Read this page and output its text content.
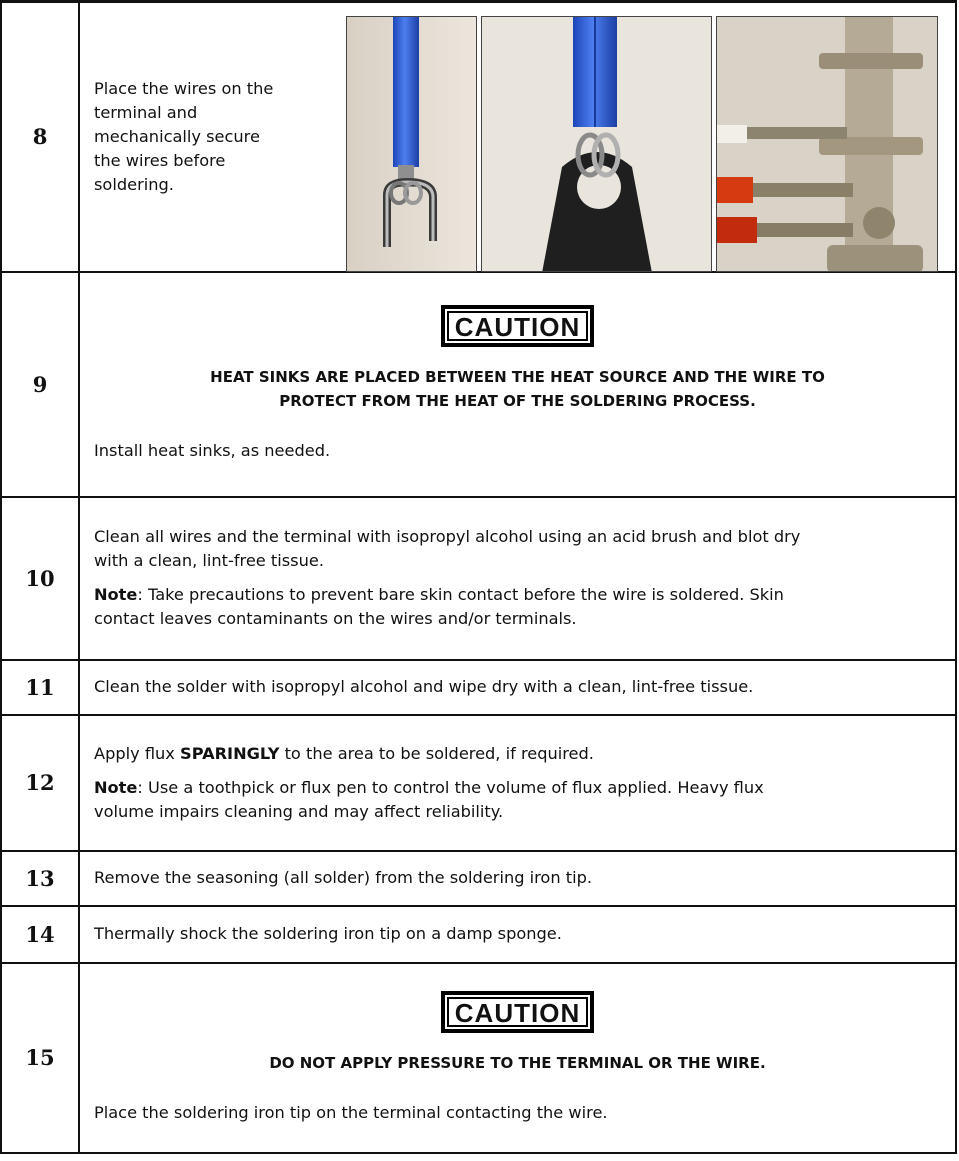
8	Place the wires on the

terminal and

mechanically secure

the wires before

soldering.

9	CAUTION

HEAT SINKS ARE PLACED BETWEEN THE HEAT SOURCE AND THE WIRE TO

PROTECT FROM THE HEAT OF THE SOLDERING PROCESS.

Install heat sinks, as needed.

10	Clean all wires and the terminal with isopropyl alcohol using an acid brush and blot dry

with a clean, lint-free tissue.

Note: Take precautions to prevent bare skin contact before the wire is soldered. Skin

contact leaves contaminants on the wires and/or terminals.

11	Clean the solder with isopropyl alcohol and wipe dry with a clean, lint-free tissue.
12	Apply flux SPARINGLY to the area to be soldered, if required.

Note: Use a toothpick or flux pen to control the volume of flux applied. Heavy flux

volume impairs cleaning and may affect reliability.

13	Remove the seasoning (all solder) from the soldering iron tip.
14	Thermally shock the soldering iron tip on a damp sponge.
15	CAUTION

DO NOT APPLY PRESSURE TO THE TERMINAL OR THE WIRE.

Place the soldering iron tip on the terminal contacting the wire.
